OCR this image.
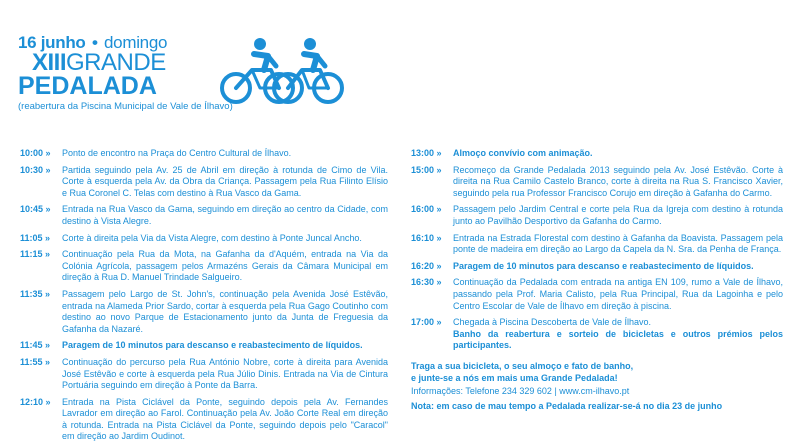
16 junho • domingo
XIIIGRANDE
PEDALADA
(reabertura da Piscina Municipal de Vale de Ílhavo)
10:00 »	Ponto de encontro na Praça do Centro Cultural de Ílhavo.
10:30 »	Partida seguindo pela Av. 25 de Abril em direção à rotunda de Cimo de Vila. Corte à esquerda pela Av. da Obra da Criança. Passagem pela Rua Filinto Elísio e Rua Coronel C. Telas com destino à Rua Vasco da Gama.
10:45 »	Entrada na Rua Vasco da Gama, seguindo em direção ao centro da Cidade, com destino à Vista Alegre.
11:05 »	Corte à direita pela Via da Vista Alegre, com destino à Ponte Juncal Ancho.
11:15 »	Continuação pela Rua da Mota, na Gafanha da d'Aquém, entrada na Via da Colónia Agrícola, passagem pelos Armazéns Gerais da Câmara Municipal em direção à Rua D. Manuel Trindade Salgueiro.
11:35 »	Passagem pelo Largo de St. John's, continuação pela Avenida José Estêvão, entrada na Alameda Prior Sardo, cortar à esquerda pela Rua Gago Coutinho com destino ao novo Parque de Estacionamento junto da Junta de Freguesia da Gafanha da Nazaré.
11:45 »	Paragem de 10 minutos para descanso e reabastecimento de líquidos.
11:55 »	Continuação do percurso pela Rua António Nobre, corte à direita para Avenida José Estêvão e corte à esquerda pela Rua Júlio Dinis. Entrada na Via de Cintura Portuária seguindo em direção à Ponte da Barra.
12:10 »	Entrada na Pista Ciclável da Ponte, seguindo depois pela Av. Fernandes Lavrador em direção ao Farol. Continuação pela Av. João Corte Real em direção à rotunda. Entrada na Pista Ciclável da Ponte, seguindo depois pelo "Caracol" em direção ao Jardim Oudinot.
13:00 »	Almoço convívio com animação.
15:00 »	Recomeço da Grande Pedalada 2013 seguindo pela Av. José Estêvão. Corte à direita na Rua Camilo Castelo Branco, corte à direita na Rua S. Francisco Xavier, seguindo pela rua Professor Francisco Corujo em direção à Gafanha do Carmo.
16:00 »	Passagem pelo Jardim Central e corte pela Rua da Igreja com destino à rotunda junto ao Pavilhão Desportivo da Gafanha do Carmo.
16:10 »	Entrada na Estrada Florestal com destino à Gafanha da Boavista. Passagem pela ponte de madeira em direção ao Largo da Capela da N. Sra. da Penha de França.
16:20 »	Paragem de 10 minutos para descanso e reabastecimento de líquidos.
16:30 »	Continuação da Pedalada com entrada na antiga EN 109, rumo a Vale de Ílhavo, passando pela Prof. Maria Calisto, pela Rua Principal, Rua da Lagoinha e pelo Centro Escolar de Vale de Ílhavo em direção à piscina.
17:00 »	Chegada à Piscina Descoberta de Vale de Ílhavo.
Banho da reabertura e sorteio de bicicletas e outros prémios pelos participantes.
Traga a sua bicicleta, o seu almoço e fato de banho,
e junte-se a nós em mais uma Grande Pedalada!
Informações: Telefone 234 329 602 | www.cm-ilhavo.pt
Nota: em caso de mau tempo a Pedalada realizar-se-á no dia 23 de junho
